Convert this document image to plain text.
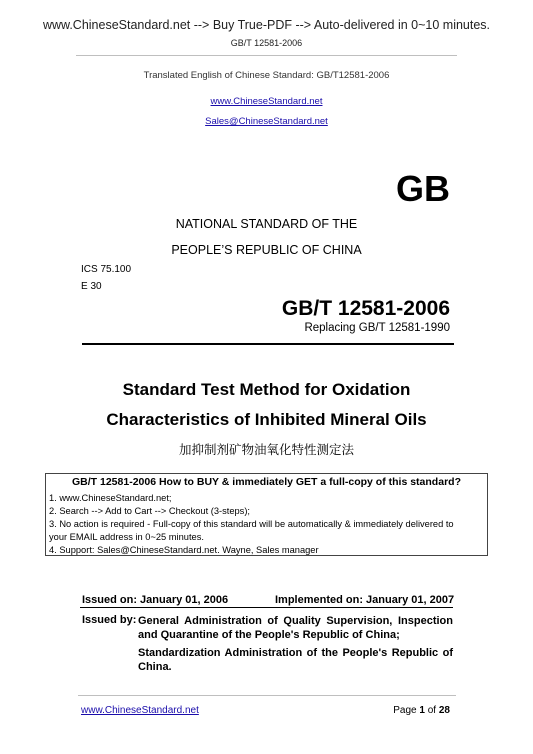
www.ChineseStandard.net --> Buy True-PDF --> Auto-delivered in 0~10 minutes.
GB/T 12581-2006
Translated English of Chinese Standard: GB/T12581-2006
www.ChineseStandard.net
Sales@ChineseStandard.net
GB
NATIONAL STANDARD OF THE
PEOPLE’S REPUBLIC OF CHINA
ICS 75.100
E 30
GB/T 12581-2006
Replacing GB/T 12581-1990
Standard Test Method for Oxidation
Characteristics of Inhibited Mineral Oils
加抑制剂矿物油氧化特性测定法
GB/T 12581-2006 How to BUY & immediately GET a full-copy of this standard?
1. www.ChineseStandard.net;
2. Search --> Add to Cart --> Checkout (3-steps);
3. No action is required - Full-copy of this standard will be automatically & immediately delivered to
your EMAIL address in 0~25 minutes.
4. Support: Sales@ChineseStandard.net. Wayne, Sales manager
Issued on: January 01, 2006	Implemented on: January 01, 2007
Issued by: General Administration of Quality Supervision, Inspection and Quarantine of the People's Republic of China;
Standardization Administration of the People's Republic of China.
www.ChineseStandard.net	Page 1 of 28
